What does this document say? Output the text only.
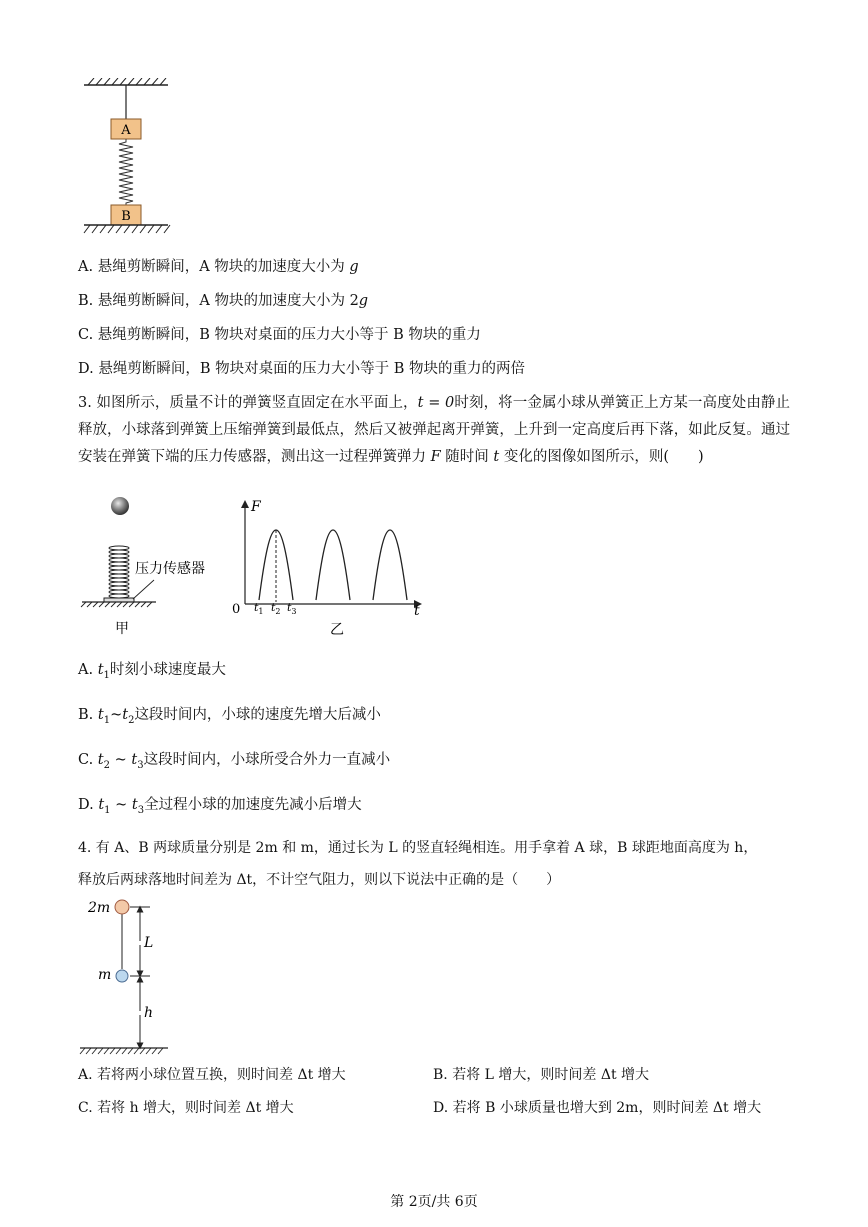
A
B
A. 悬绳剪断瞬间，A 物块的加速度大小为 g
B. 悬绳剪断瞬间，A 物块的加速度大小为 2g
C. 悬绳剪断瞬间，B 物块对桌面的压力大小等于 B 物块的重力
D. 悬绳剪断瞬间，B 物块对桌面的压力大小等于 B 物块的重力的两倍
3. 如图所示，质量不计的弹簧竖直固定在水平面上，t = 0时刻，将一金属小球从弹簧正上方某一高度处由静止释放，小球落到弹簧上压缩弹簧到最低点，然后又被弹起离开弹簧，上升到一定高度后再下落，如此反复。通过安装在弹簧下端的压力传感器，测出这一过程弹簧弹力 F 随时间 t 变化的图像如图所示，则(　　)
压力传感器
甲
F
t
0 $t_1$ $t_2$ $t_3$
乙
A. $t_1$时刻小球速度最大
B. $t_1\sim t_2$这段时间内，小球的速度先增大后减小
C. $t_2$ ~ $t_3$这段时间内，小球所受合外力一直减小
D. $t_1$ ~ $t_3$全过程小球的加速度先减小后增大
4. 有 A、B 两球质量分别是 2m 和 m，通过长为 L 的竖直轻绳相连。用手拿着 A 球，B 球距地面高度为 h，
释放后两球落地时间差为 Δt，不计空气阻力，则以下说法中正确的是（　　）
2m
m
L
h
A. 若将两小球位置互换，则时间差 Δt 增大	B. 若将 L 增大，则时间差 Δt 增大
C. 若将 h 增大，则时间差 Δt 增大	D. 若将 B 小球质量也增大到 2m，则时间差 Δt 增大
第 2页/共 6页
